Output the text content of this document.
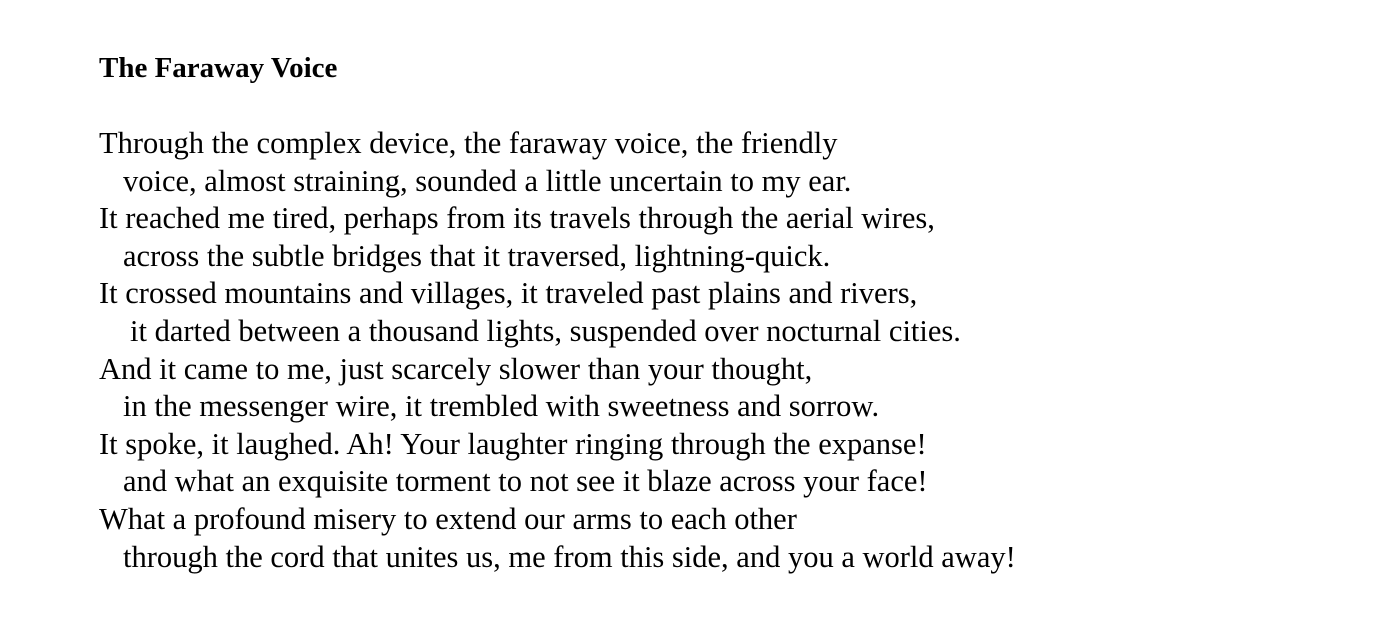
The Faraway Voice
Through the complex device, the faraway voice, the friendly
voice, almost straining, sounded a little uncertain to my ear.
It reached me tired, perhaps from its travels through the aerial wires,
across the subtle bridges that it traversed, lightning-quick.
It crossed mountains and villages, it traveled past plains and rivers,
it darted between a thousand lights, suspended over nocturnal cities.
And it came to me, just scarcely slower than your thought,
in the messenger wire, it trembled with sweetness and sorrow.
It spoke, it laughed. Ah! Your laughter ringing through the expanse!
and what an exquisite torment to not see it blaze across your face!
What a profound misery to extend our arms to each other
through the cord that unites us, me from this side, and you a world away!
